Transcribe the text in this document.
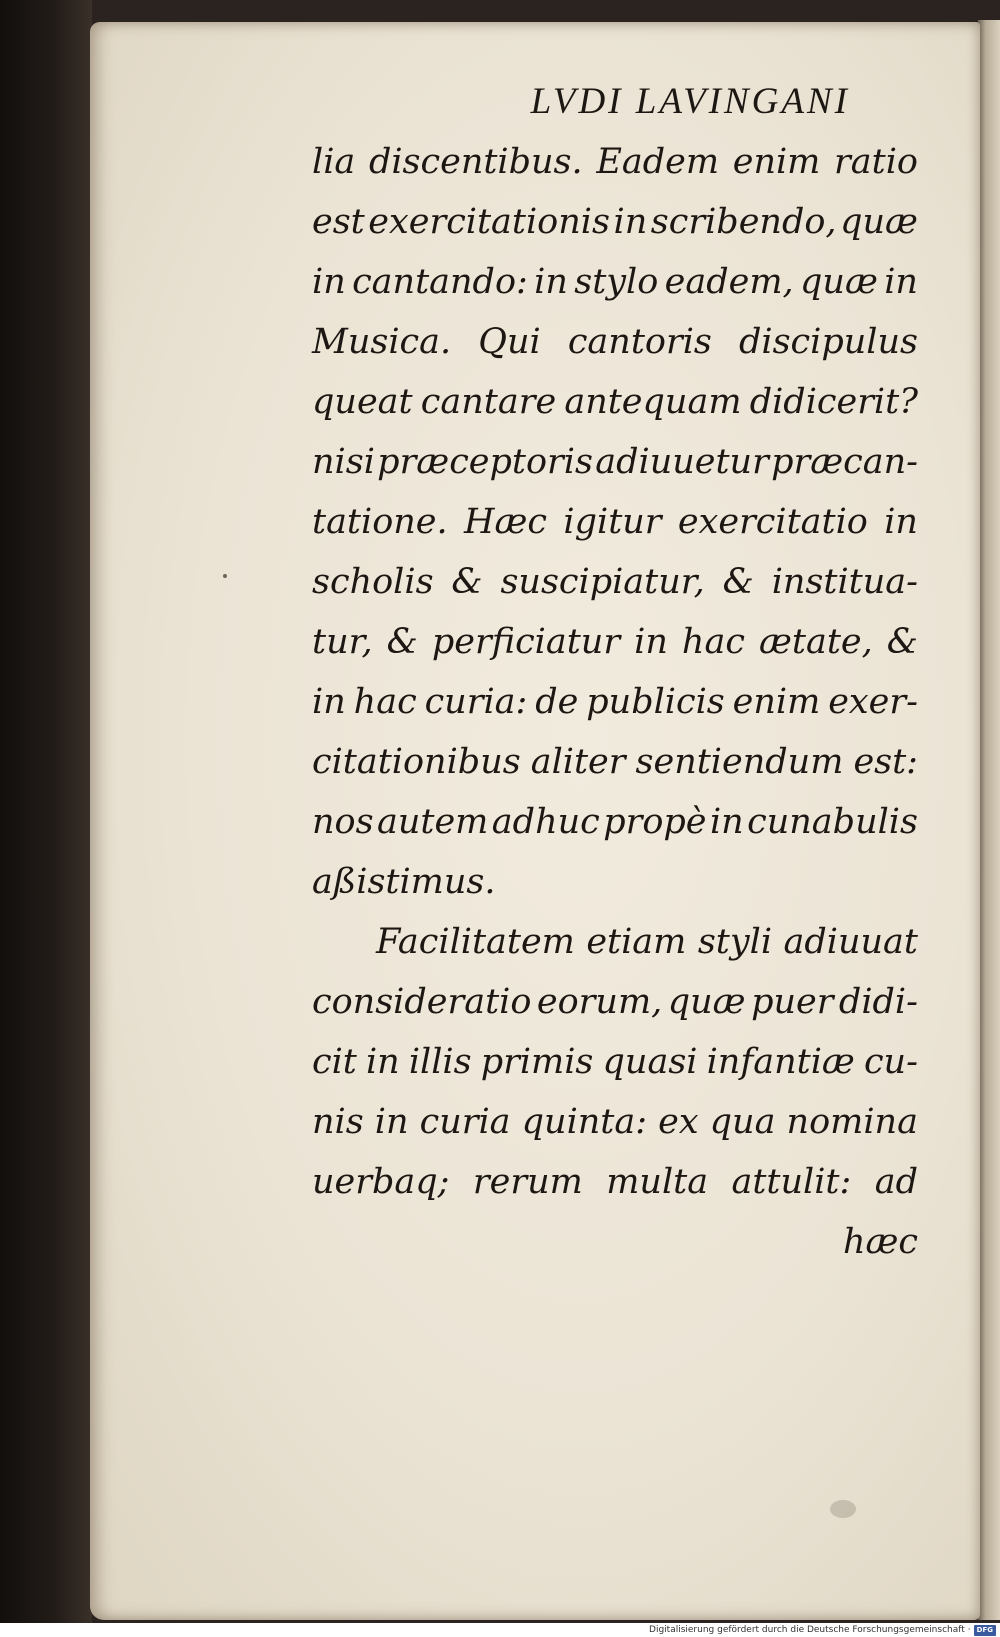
LVDI LAVINGANI
lia discentibus. Eadem enim ratio
est exercitationis in scribendo, quæ
in cantando: in stylo eadem, quæ in
Musica. Qui cantoris discipulus
queat cantare antequam didicerit?
nisi præceptoris adiuuetur præcan-
tatione. Hæc igitur exercitatio in
scholis & suscipiatur, & institua-
tur, & perficiatur in hac ætate, &
in hac curia: de publicis enim exer-
citationibus aliter sentiendum est:
nos autem adhuc propè in cunabulis
aßistimus.
Facilitatem etiam styli adiuuat
consideratio eorum, quæ puer didi-
cit in illis primis quasi infantiæ cu-
nis in curia quinta: ex qua nomina
uerbaq; rerum multa attulit: ad
hæc
Digitalisierung gefördert durch die Deutsche Forschungsgemeinschaft · DFG
